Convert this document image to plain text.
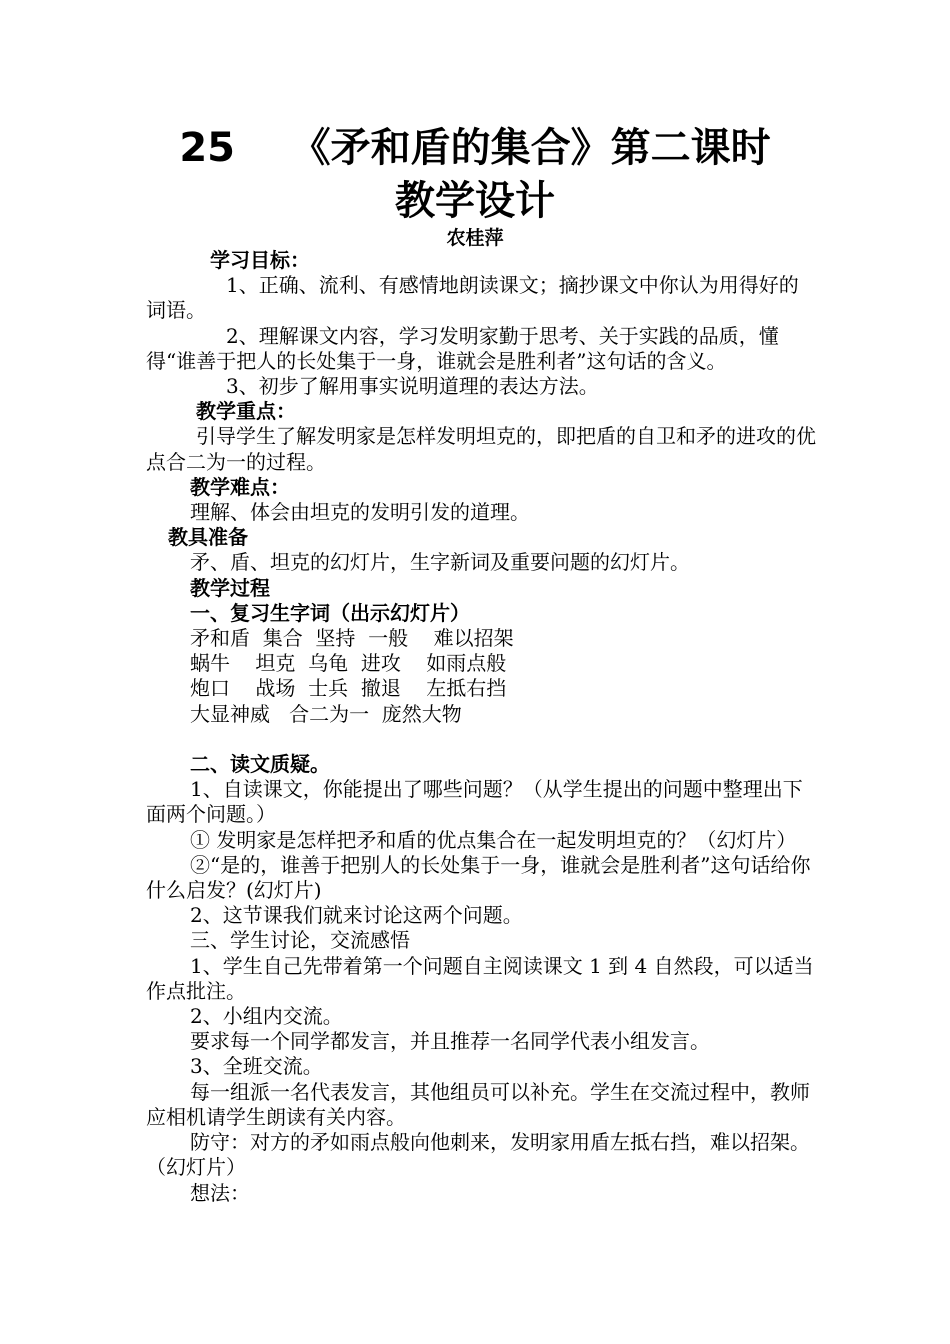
25    《矛和盾的集合》第二课时
教学设计
农桂萍

学习目标：

1、正确、流利、有感情地朗读课文；摘抄课文中你认为用得好的词语。

2、理解课文内容，学习发明家勤于思考、关于实践的品质，懂得“谁善于把人的长处集于一身，谁就会是胜利者”这句话的含义。

3、初步了解用事实说明道理的表达方法。

教学重点：

引导学生了解发明家是怎样发明坦克的，即把盾的自卫和矛的进攻的优点合二为一的过程。

教学难点：

理解、体会由坦克的发明引发的道理。

教具准备

矛、盾、坦克的幻灯片，生字新词及重要问题的幻灯片。

教学过程

一、复习生字词（出示幻灯片）

矛和盾  集合  坚持  一般    难以招架

蜗牛    坦克  乌龟  进攻    如雨点般

炮口    战场  士兵  撤退    左抵右挡

大显神威   合二为一  庞然大物

二、读文质疑。

1、自读课文，你能提出了哪些问题？（从学生提出的问题中整理出下面两个问题。）

① 发明家是怎样把矛和盾的优点集合在一起发明坦克的？（幻灯片）

②“是的，谁善于把别人的长处集于一身，谁就会是胜利者”这句话给你什么启发？(幻灯片)

2、这节课我们就来讨论这两个问题。

三、学生讨论，交流感悟

1、学生自己先带着第一个问题自主阅读课文 1 到 4 自然段，可以适当作点批注。

2、小组内交流。

要求每一个同学都发言，并且推荐一名同学代表小组发言。

3、全班交流。

每一组派一名代表发言，其他组员可以补充。学生在交流过程中，教师应相机请学生朗读有关内容。

防守：对方的矛如雨点般向他刺来，发明家用盾左抵右挡，难以招架。（幻灯片）

想法：
